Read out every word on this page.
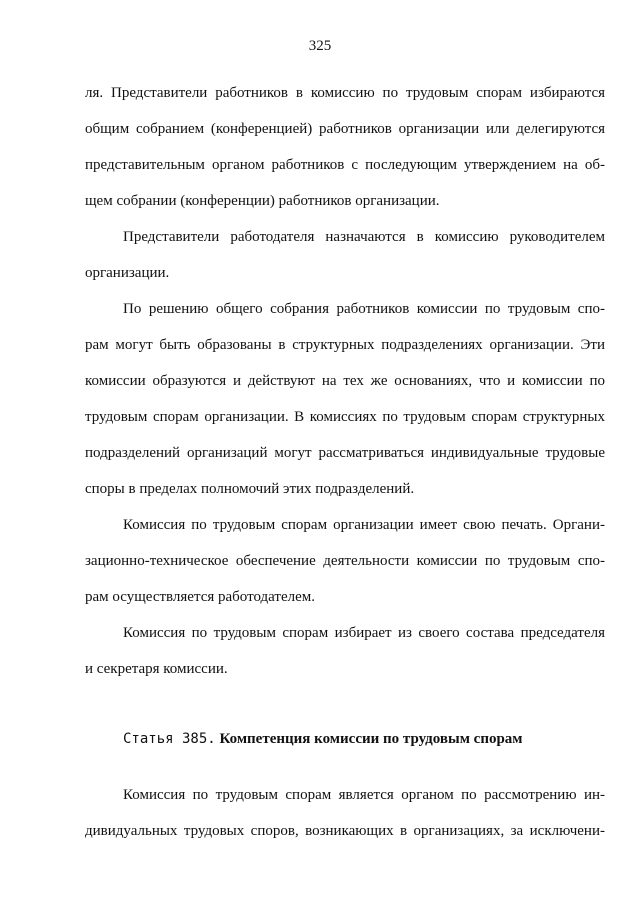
325
ля. Представители работников в комиссию по трудовым спорам избираются
общим собранием (конференцией) работников организации или делегируются
представительным органом работников с последующим утверждением на об-
щем собрании (конференции) работников организации.
Представители работодателя назначаются в комиссию руководителем
организации.
По решению общего собрания работников комиссии по трудовым спо-
рам могут быть образованы в структурных подразделениях организации. Эти
комиссии образуются и действуют на тех же основаниях, что и комиссии по
трудовым спорам организации. В комиссиях по трудовым спорам структурных
подразделений организаций могут рассматриваться индивидуальные трудовые
споры в пределах полномочий этих подразделений.
Комиссия по трудовым спорам организации имеет свою печать. Органи-
зационно-техническое обеспечение деятельности комиссии по трудовым спо-
рам осуществляется работодателем.
Комиссия по трудовым спорам избирает из своего состава председателя
и секретаря комиссии.
Статья 385. Компетенция комиссии по трудовым спорам
Комиссия по трудовым спорам является органом по рассмотрению ин-
дивидуальных трудовых споров, возникающих в организациях, за исключени-
